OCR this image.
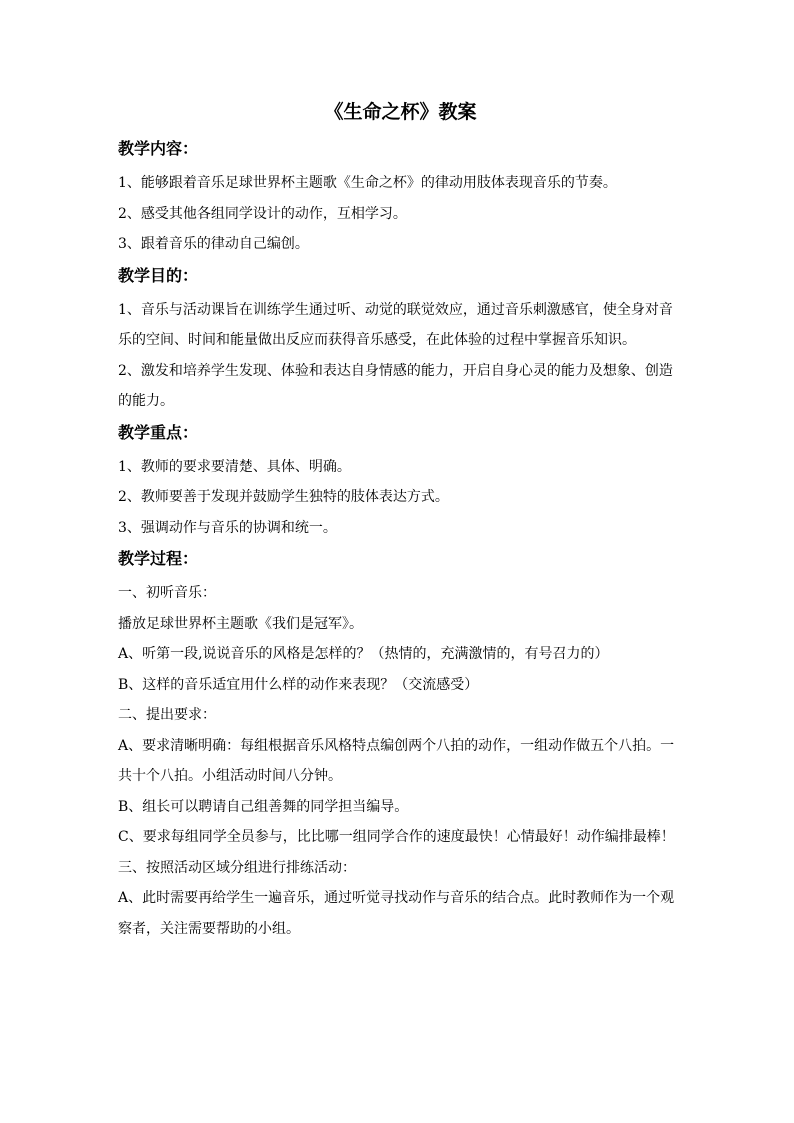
《生命之杯》教案
教学内容：

1、能够跟着音乐足球世界杯主题歌《生命之杯》的律动用肢体表现音乐的节奏。

2、感受其他各组同学设计的动作，互相学习。

3、跟着音乐的律动自己编创。

教学目的：

1、音乐与活动课旨在训练学生通过听、动觉的联觉效应，通过音乐刺激感官，使全身对音乐的空间、时间和能量做出反应而获得音乐感受，在此体验的过程中掌握音乐知识。

2、激发和培养学生发现、体验和表达自身情感的能力，开启自身心灵的能力及想象、创造的能力。

教学重点：

1、教师的要求要清楚、具体、明确。

2、教师要善于发现并鼓励学生独特的肢体表达方式。

3、强调动作与音乐的协调和统一。

教学过程：

一、初听音乐：

播放足球世界杯主题歌《我们是冠军》。

A、听第一段,说说音乐的风格是怎样的？（热情的，充满激情的，有号召力的）

B、这样的音乐适宜用什么样的动作来表现？（交流感受）

二、提出要求：

A、要求清晰明确：每组根据音乐风格特点编创两个八拍的动作，一组动作做五个八拍。一共十个八拍。小组活动时间八分钟。

B、组长可以聘请自己组善舞的同学担当编导。

C、要求每组同学全员参与，比比哪一组同学合作的速度最快！心情最好！动作编排最棒！

三、按照活动区域分组进行排练活动：

A、此时需要再给学生一遍音乐，通过听觉寻找动作与音乐的结合点。此时教师作为一个观察者，关注需要帮助的小组。
